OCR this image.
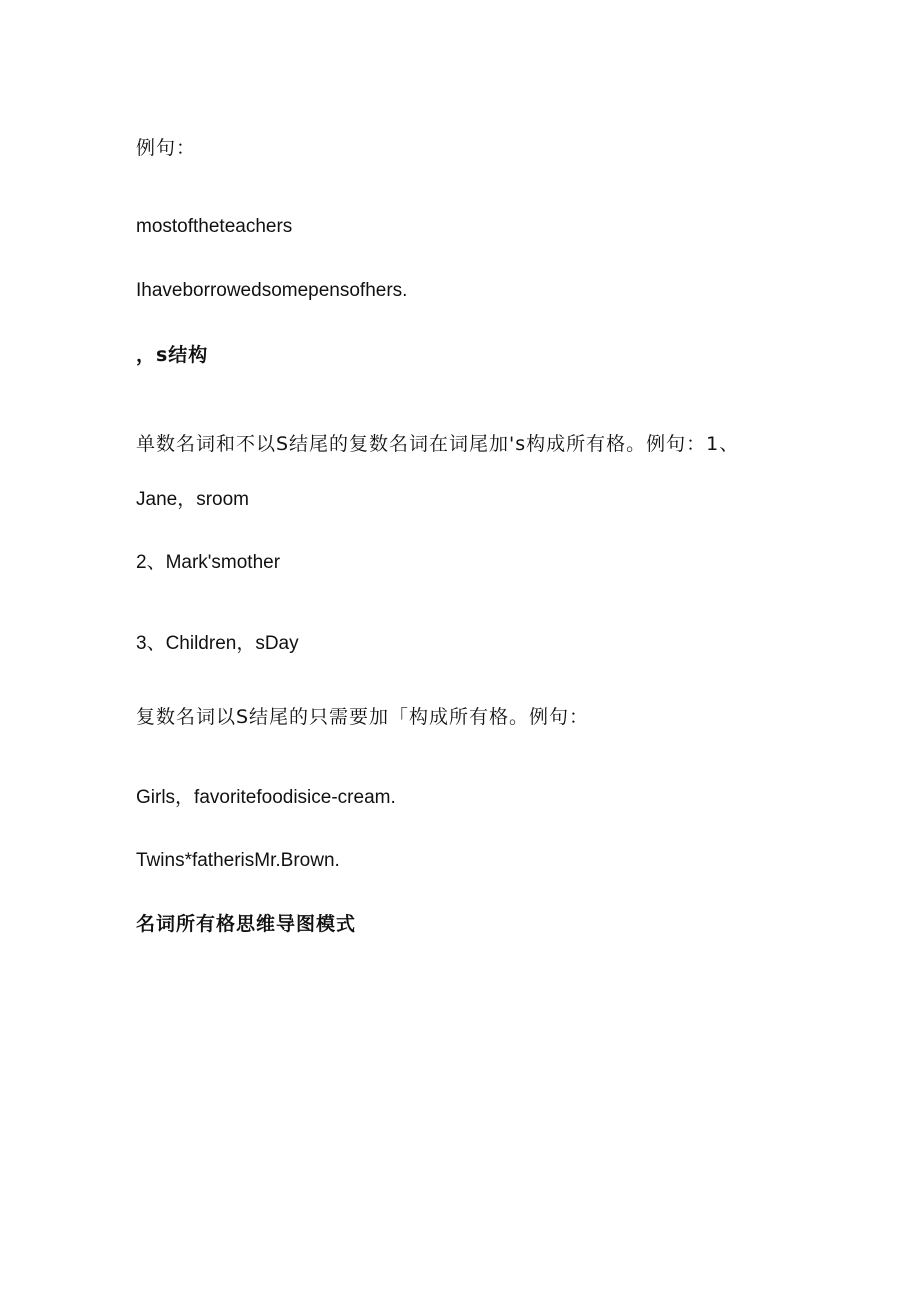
例句：
mostoftheteachers
Ihaveborrowedsomepensofhers.
，s结构
单数名词和不以S结尾的复数名词在词尾加's构成所有格。例句：1、
Jane，sroom
2、Mark'smother
3、Children，sDay
复数名词以S结尾的只需要加「构成所有格。例句：
Girls，favoritefoodisice-cream.
Twins*fatherisMr.Brown.
名词所有格思维导图模式
